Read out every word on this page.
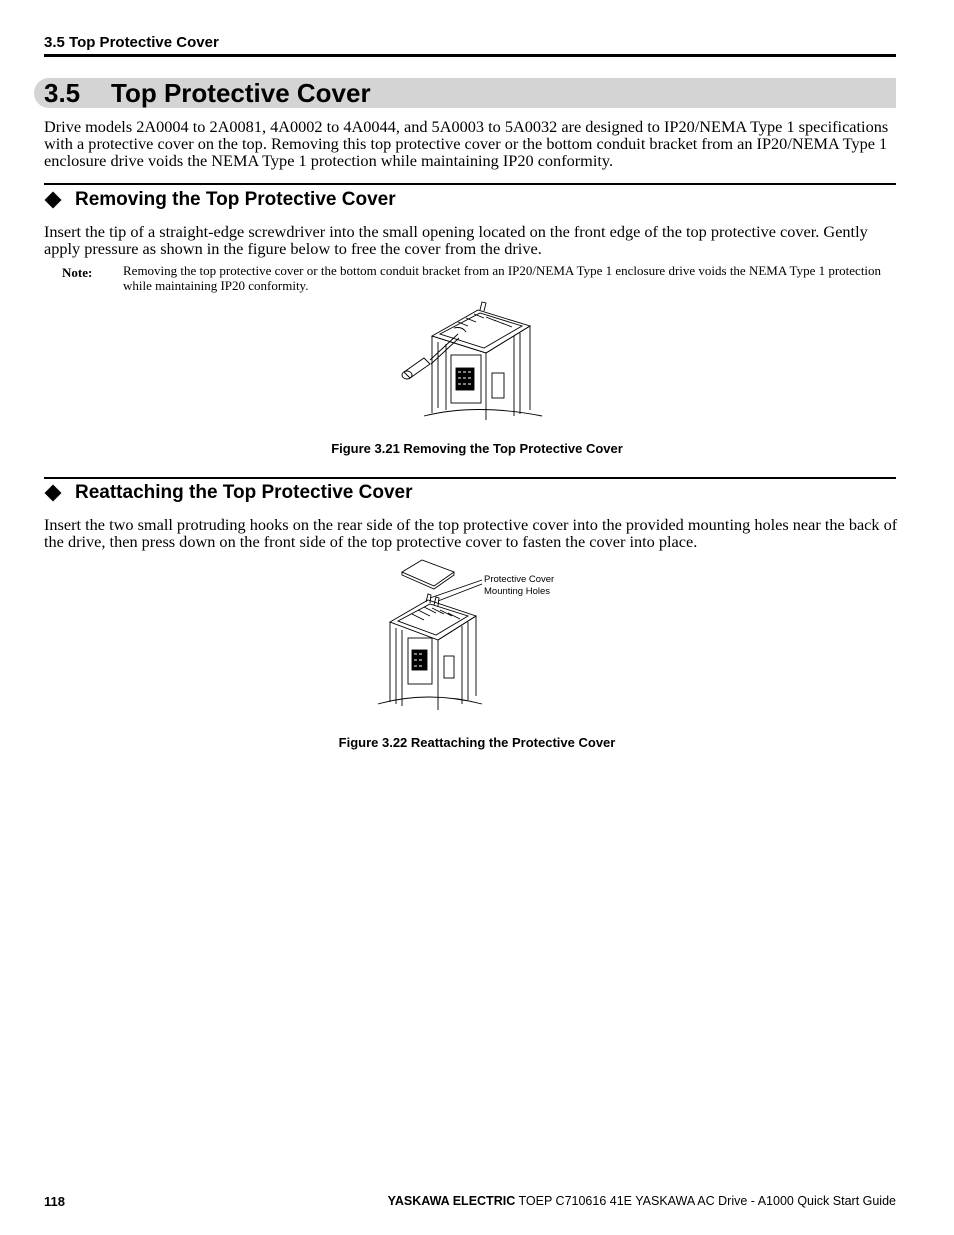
3.5 Top Protective Cover
3.5 Top Protective Cover

Drive models 2A0004 to 2A0081, 4A0002 to 4A0044, and 5A0003 to 5A0032 are designed to IP20/NEMA Type 1 specifications with a protective cover on the top. Removing this top protective cover or the bottom conduit bracket from an IP20/NEMA Type 1 enclosure drive voids the NEMA Type 1 protection while maintaining IP20 conformity.

Removing the Top Protective Cover

Insert the tip of a straight-edge screwdriver into the small opening located on the front edge of the top protective cover. Gently apply pressure as shown in the figure below to free the cover from the drive.

Note: Removing the top protective cover or the bottom conduit bracket from an IP20/NEMA Type 1 enclosure drive voids the NEMA Type 1 protection while maintaining IP20 conformity.

Figure 3.21 Removing the Top Protective Cover
Reattaching the Top Protective Cover

Insert the two small protruding hooks on the rear side of the top protective cover into the provided mounting holes near the back of the drive, then press down on the front side of the top protective cover to fasten the cover into place.

Protective Cover
Mounting Holes
Figure 3.22 Reattaching the Protective Cover
118	YASKAWA ELECTRIC TOEP C710616 41E YASKAWA AC Drive - A1000 Quick Start Guide
